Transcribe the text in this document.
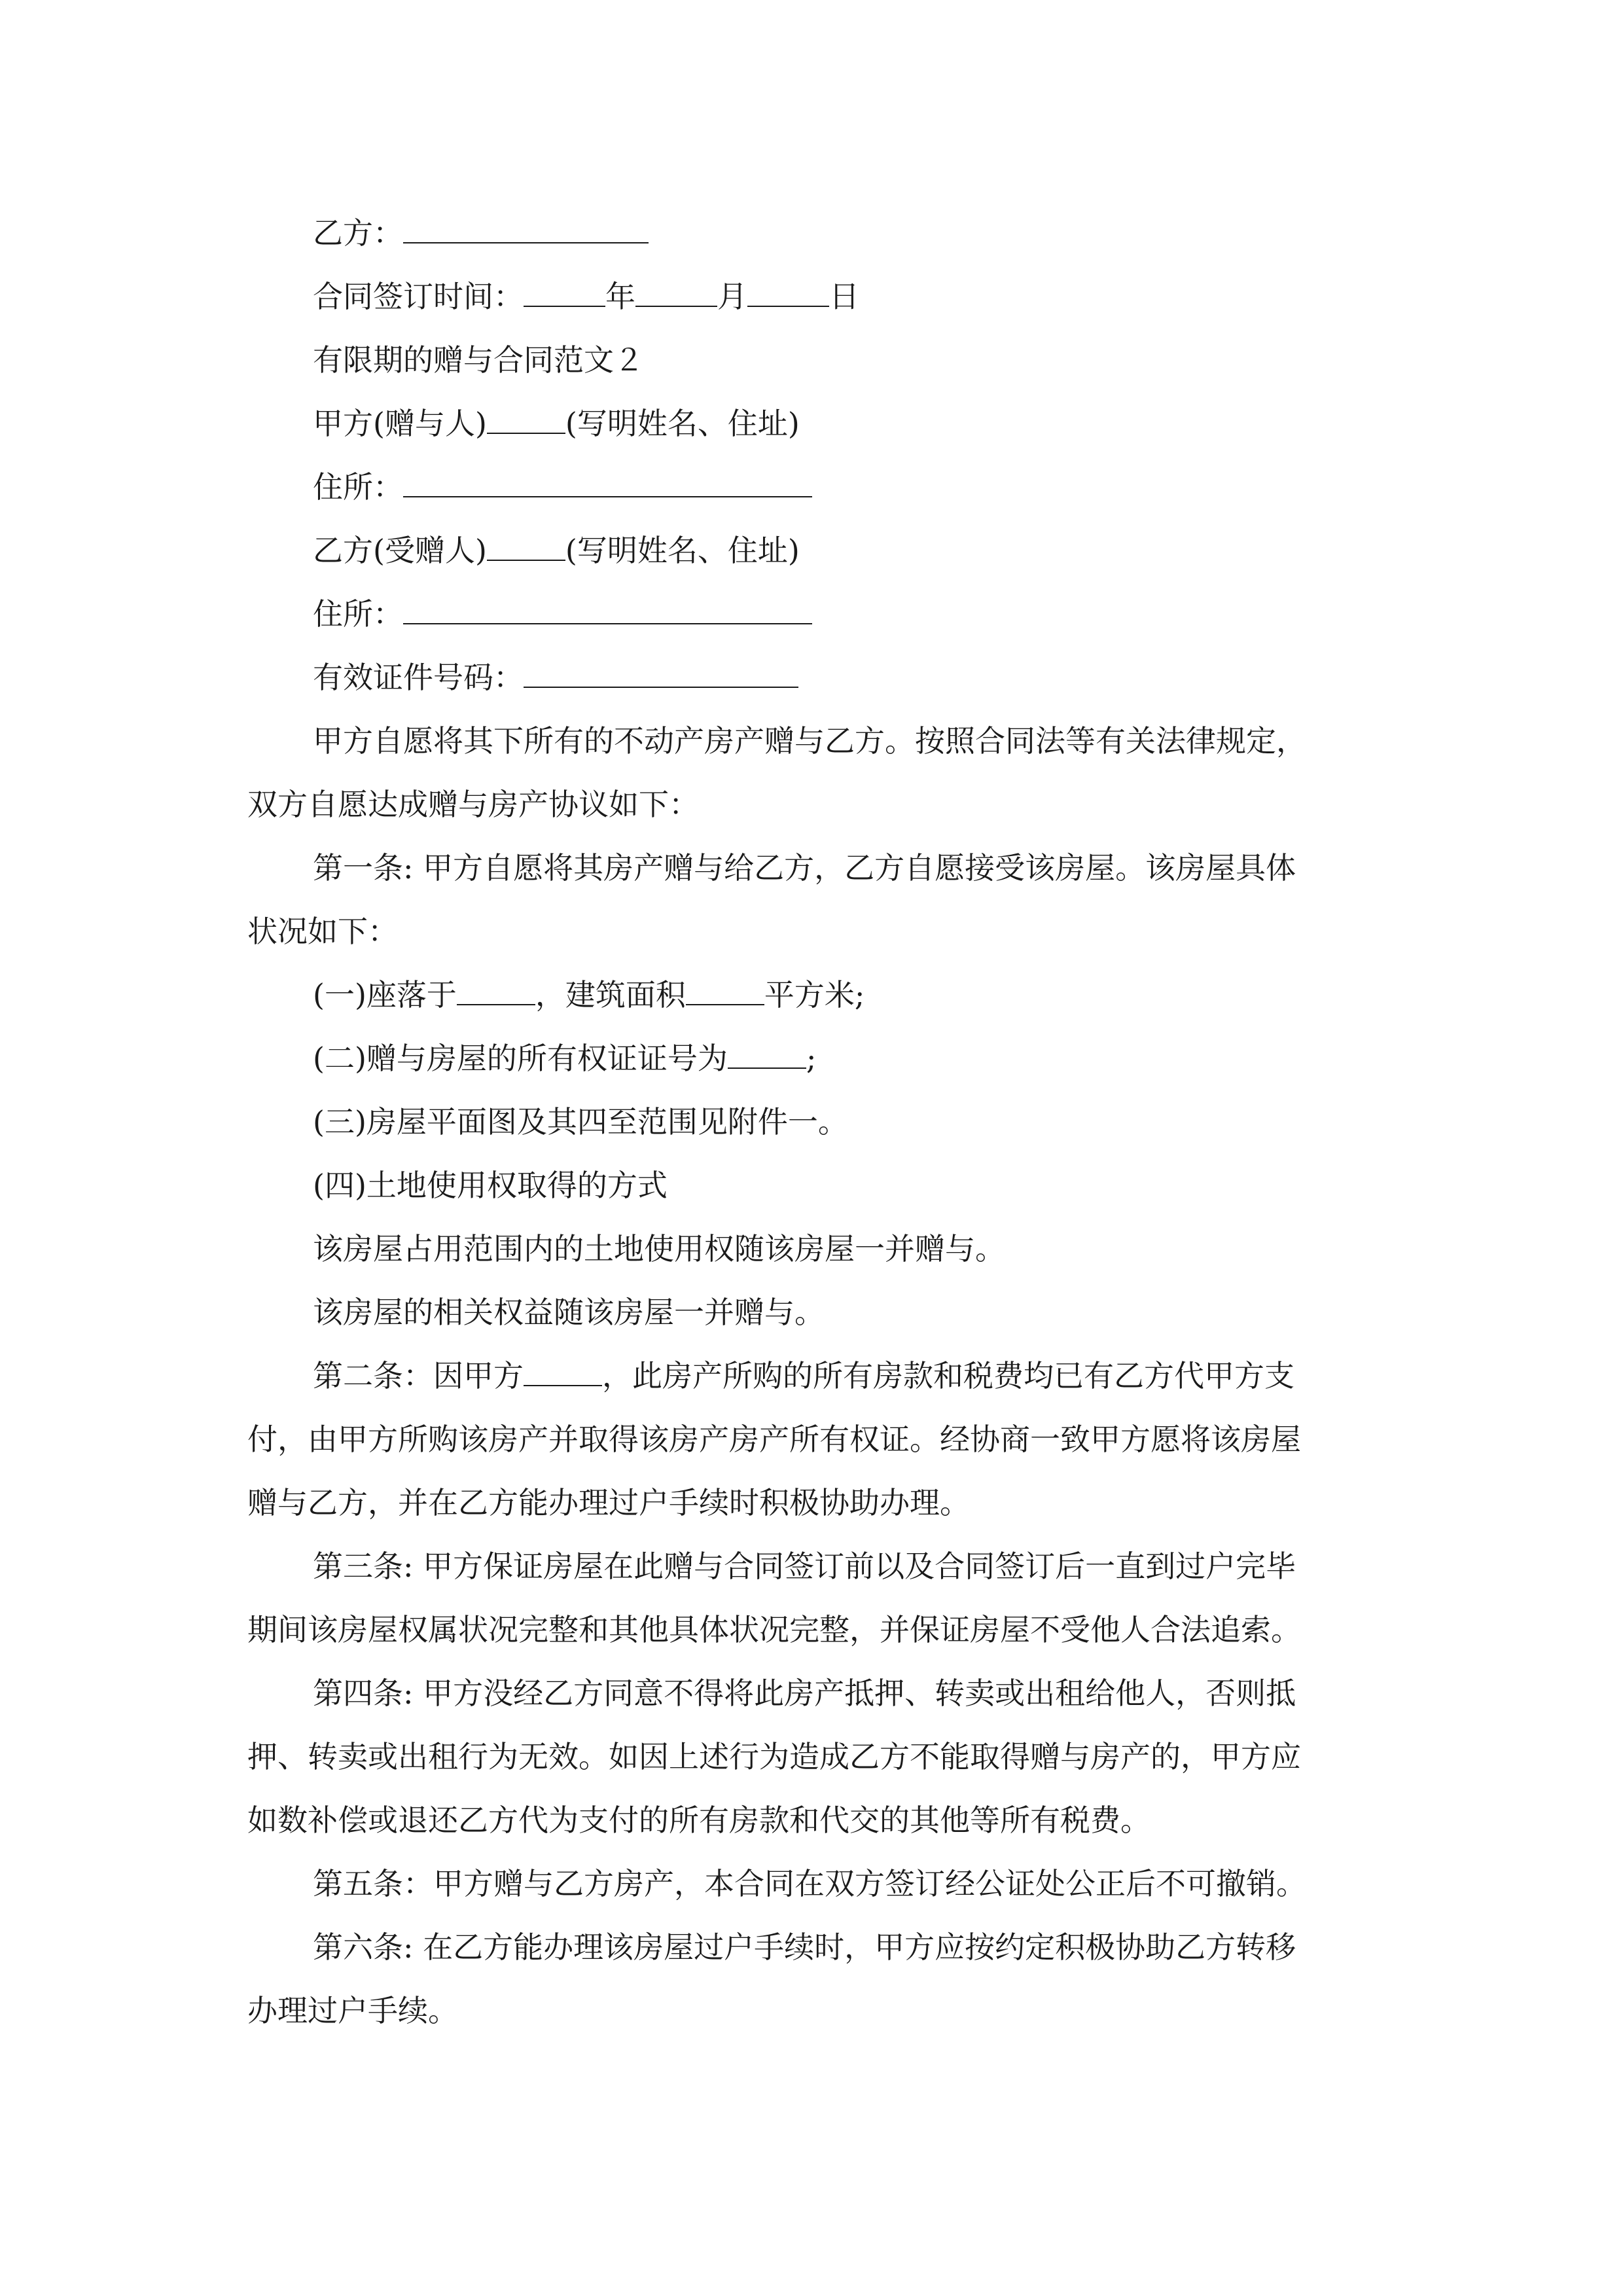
乙方：
合同签订时间：	年	月	日
有限期的赠与合同范文２
甲方(赠与人)	(写明姓名、住址)
住所：
乙方(受赠人)	(写明姓名、住址)
住所：
有效证件号码：

甲方自愿将其下所有的不动产房产赠与乙方。按照合同法等有关法律规定，
双方自愿达成赠与房产协议如下：

第一条: 甲方自愿将其房产赠与给乙方，乙方自愿接受该房屋。该房屋具体
状况如下：

(一)座落于	，建筑面积	平方米;
(二)赠与房屋的所有权证证号为	;
(三)房屋平面图及其四至范围见附件一。
(四)土地使用权取得的方式
该房屋占用范围内的土地使用权随该房屋一并赠与。
该房屋的相关权益随该房屋一并赠与。

第二条：因甲方	，此房产所购的所有房款和税费均已有乙方代甲方支
付，由甲方所购该房产并取得该房产房产所有权证。经协商一致甲方愿将该房屋
赠与乙方，并在乙方能办理过户手续时积极协助办理。

第三条: 甲方保证房屋在此赠与合同签订前以及合同签订后一直到过户完毕
期间该房屋权属状况完整和其他具体状况完整，并保证房屋不受他人合法追索。

第四条: 甲方没经乙方同意不得将此房产抵押、转卖或出租给他人，否则抵
押、转卖或出租行为无效。如因上述行为造成乙方不能取得赠与房产的，甲方应
如数补偿或退还乙方代为支付的所有房款和代交的其他等所有税费。

第五条：甲方赠与乙方房产，本合同在双方签订经公证处公正后不可撤销。

第六条: 在乙方能办理该房屋过户手续时，甲方应按约定积极协助乙方转移
办理过户手续。
